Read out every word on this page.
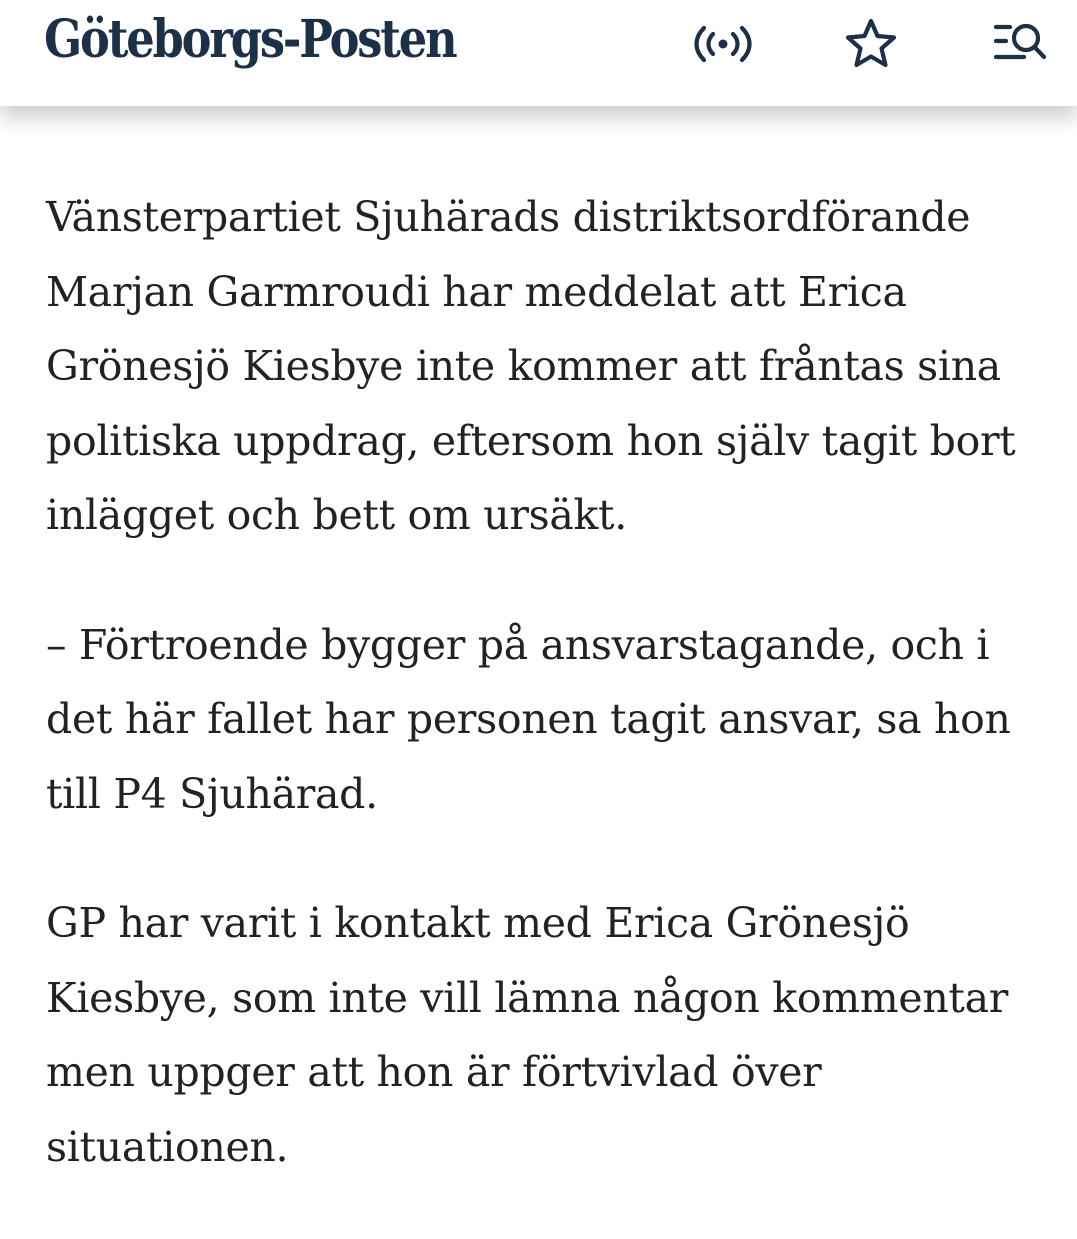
Göteborgs-Posten

Vänsterpartiet Sjuhärads distriktsordförande Marjan Garmroudi har meddelat att Erica Grönesjö Kiesbye inte kommer att fråntas sina politiska uppdrag, eftersom hon själv tagit bort inlägget och bett om ursäkt.

– Förtroende bygger på ansvarstagande, och i det här fallet har personen tagit ansvar, sa hon till P4 Sjuhärad.

GP har varit i kontakt med Erica Grönesjö Kiesbye, som inte vill lämna någon kommentar men uppger att hon är förtvivlad över situationen.
